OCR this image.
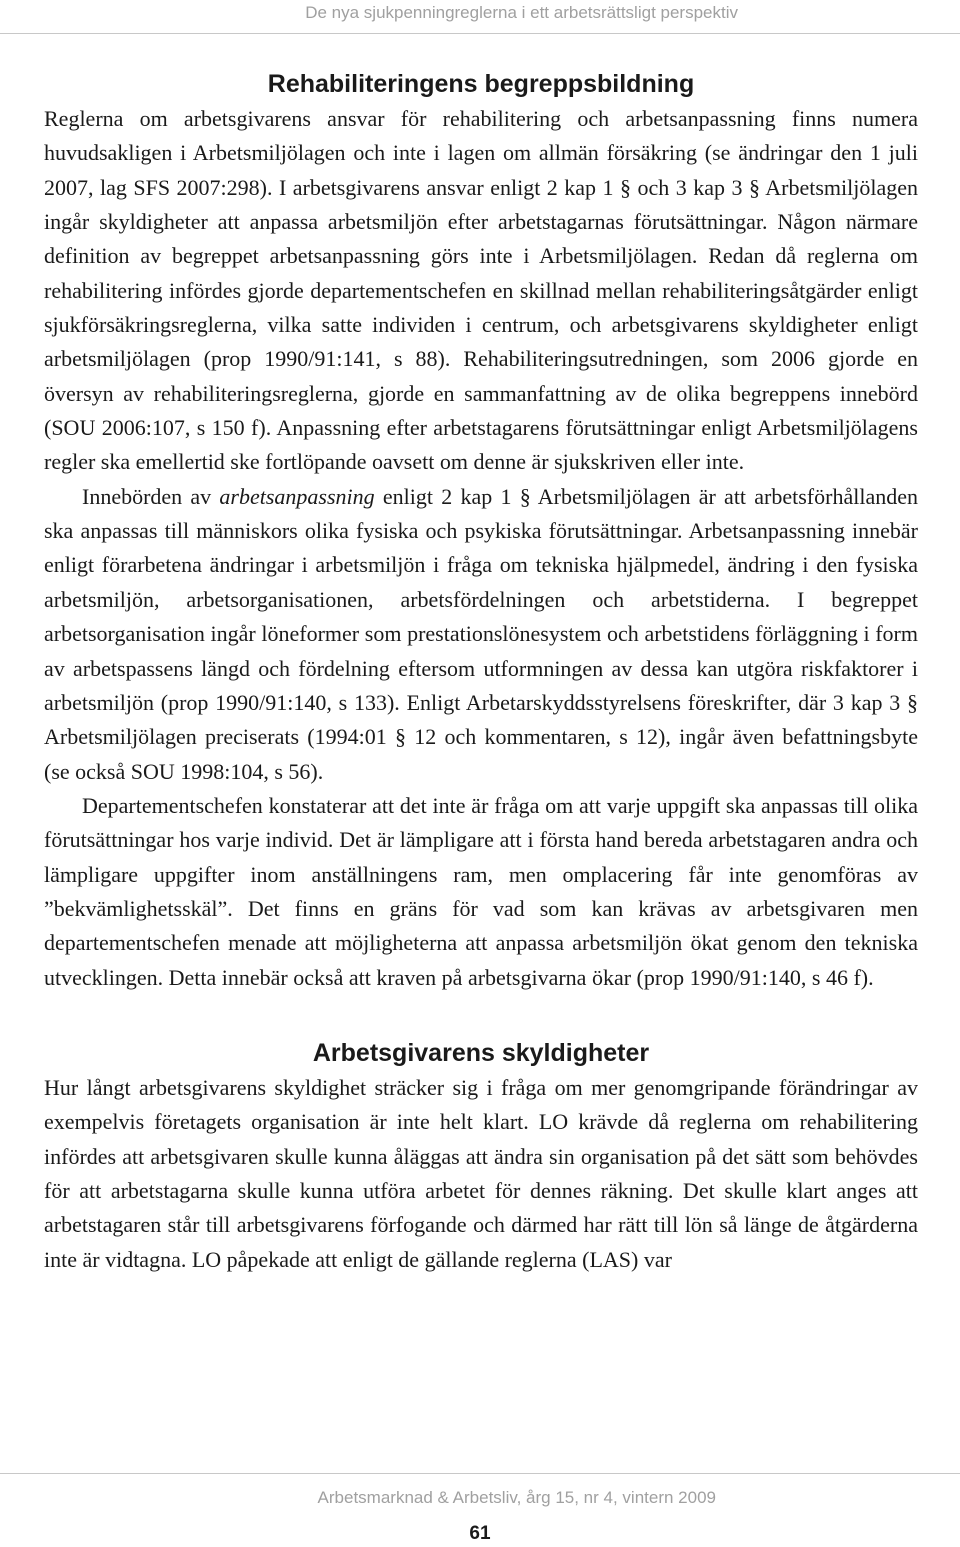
De nya sjukpenningreglerna i ett arbetsrättsligt perspektiv
Rehabiliteringens begreppsbildning

Reglerna om arbetsgivarens ansvar för rehabilitering och arbetsanpassning finns numera huvudsakligen i Arbetsmiljölagen och inte i lagen om allmän försäkring (se ändringar den 1 juli 2007, lag SFS 2007:298). I arbetsgivarens ansvar enligt 2 kap 1 § och 3 kap 3 § Arbetsmiljölagen ingår skyldigheter att anpassa arbetsmiljön efter arbetstagarnas förutsättningar. Någon närmare definition av begreppet arbetsanpassning görs inte i Arbetsmiljölagen. Redan då reglerna om rehabilitering infördes gjorde departementschefen en skillnad mellan rehabiliteringsåtgärder enligt sjukförsäkringsreglerna, vilka satte individen i centrum, och arbetsgivarens skyldigheter enligt arbetsmiljölagen (prop 1990/91:141, s 88). Rehabiliteringsutredningen, som 2006 gjorde en översyn av rehabiliteringsreglerna, gjorde en sammanfattning av de olika begreppens innebörd (SOU 2006:107, s 150 f). Anpassning efter arbetstagarens förutsättningar enligt Arbetsmiljölagens regler ska emellertid ske fortlöpande oavsett om denne är sjukskriven eller inte.

Innebörden av arbetsanpassning enligt 2 kap 1 § Arbetsmiljölagen är att arbetsförhållanden ska anpassas till människors olika fysiska och psykiska förutsättningar. Arbetsanpassning innebär enligt förarbetena ändringar i arbetsmiljön i fråga om tekniska hjälpmedel, ändring i den fysiska arbetsmiljön, arbetsorganisationen, arbetsfördelningen och arbetstiderna. I begreppet arbetsorganisation ingår löneformer som prestationslönesystem och arbetstidens förläggning i form av arbetspassens längd och fördelning eftersom utformningen av dessa kan utgöra riskfaktorer i arbetsmiljön (prop 1990/91:140, s 133). Enligt Arbetarskyddsstyrelsens föreskrifter, där 3 kap 3 § Arbetsmiljölagen preciserats (1994:01 § 12 och kommentaren, s 12), ingår även befattningsbyte (se också SOU 1998:104, s 56).

Departementschefen konstaterar att det inte är fråga om att varje uppgift ska anpassas till olika förutsättningar hos varje individ. Det är lämpligare att i första hand bereda arbetstagaren andra och lämpligare uppgifter inom anställningens ram, men omplacering får inte genomföras av ”bekvämlighetsskäl”. Det finns en gräns för vad som kan krävas av arbetsgivaren men departementschefen menade att möjligheterna att anpassa arbetsmiljön ökat genom den tekniska utvecklingen. Detta innebär också att kraven på arbetsgivarna ökar (prop 1990/91:140, s 46 f).

Arbetsgivarens skyldigheter

Hur långt arbetsgivarens skyldighet sträcker sig i fråga om mer genomgripande förändringar av exempelvis företagets organisation är inte helt klart. LO krävde då reglerna om rehabilitering infördes att arbetsgivaren skulle kunna åläggas att ändra sin organisation på det sätt som behövdes för att arbetstagarna skulle kunna utföra arbetet för dennes räkning. Det skulle klart anges att arbetstagaren står till arbetsgivarens förfogande och därmed har rätt till lön så länge de åtgärderna inte är vidtagna. LO påpekade att enligt de gällande reglerna (LAS) var

Arbetsmarknad & Arbetsliv, årg 15, nr 4, vintern 2009
61
